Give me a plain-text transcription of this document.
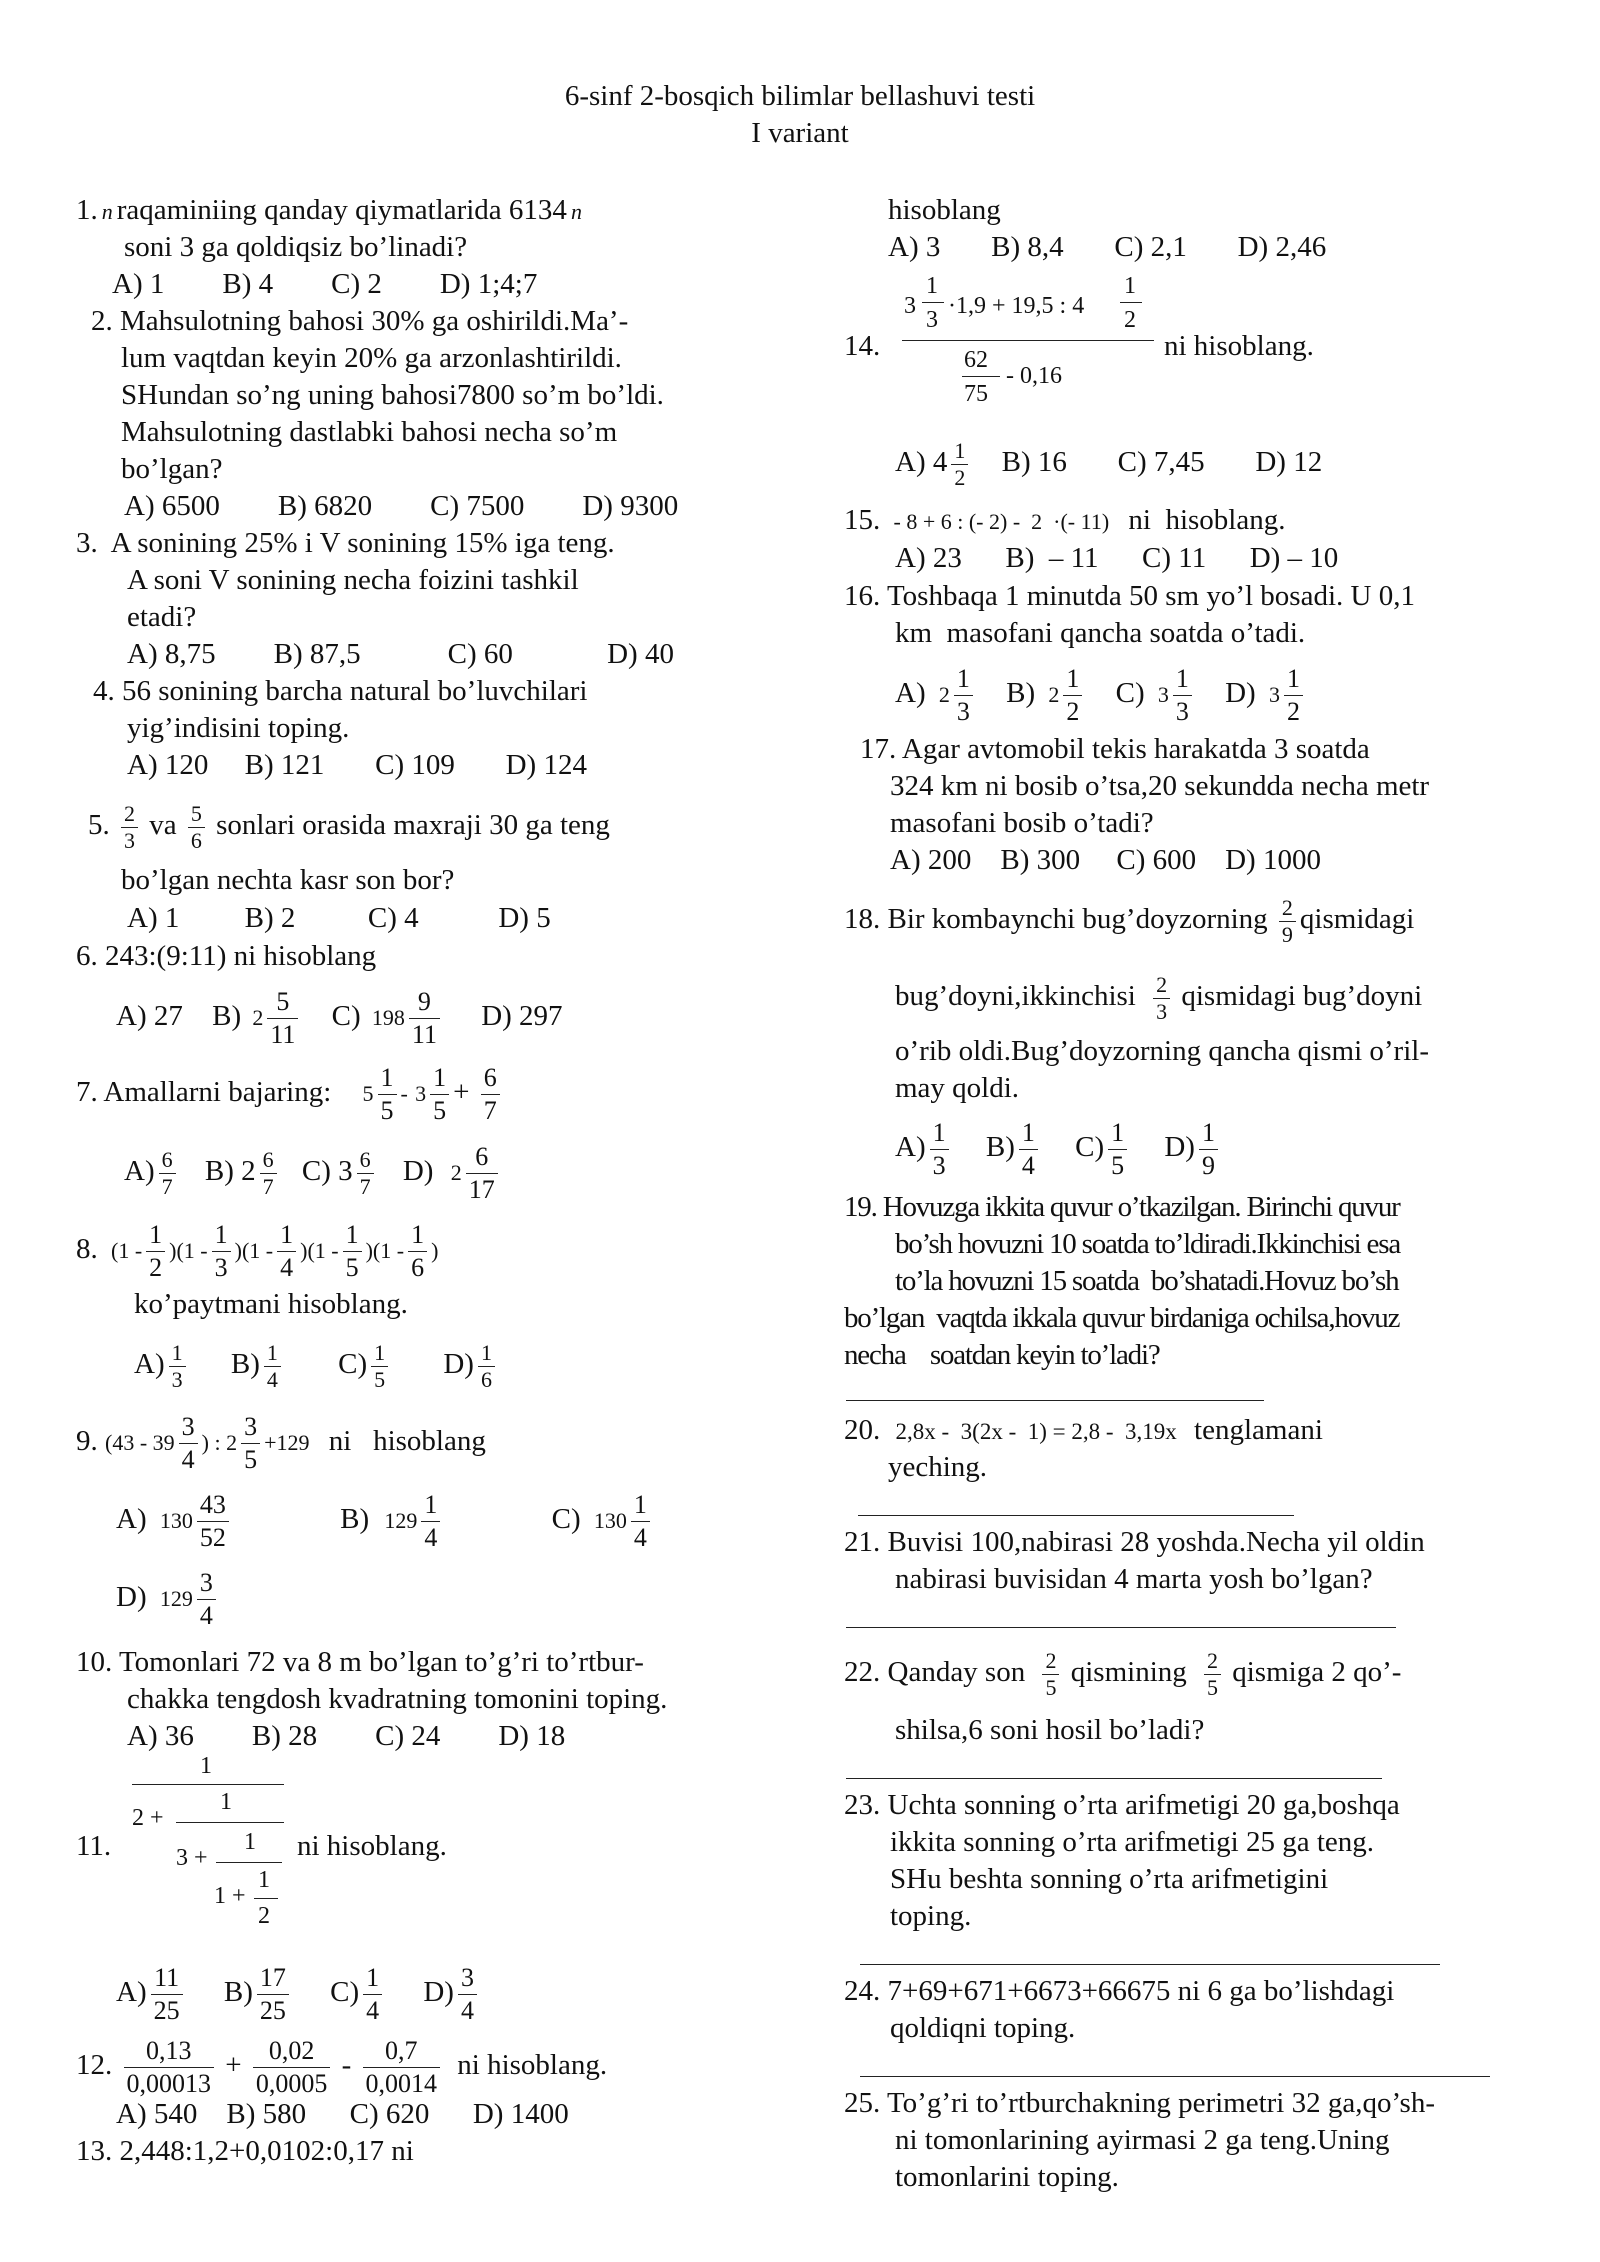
6-sinf 2-bosqich bilimlar bellashuvi testi
I variant
1. n raqaminiing qanday qiymatlarida 6134 n
soni 3 ga qoldiqsiz bo’linadi?
A) 1        B) 4        C) 2        D) 1;4;7
2. Mahsulotning bahosi 30% ga oshirildi.Ma’-
lum vaqtdan keyin 20% ga arzonlashtirildi.
SHundan so’ng uning bahosi7800 so’m bo’ldi.
Mahsulotning dastlabki bahosi necha so’m
bo’lgan?
A) 6500        B) 6820        C) 7500        D) 9300
3.  A sonining 25% i V sonining 15% iga teng.
A soni V sonining necha foizini tashkil
etadi?
A) 8,75        B) 87,5            C) 60             D) 40
4. 56 sonining barcha natural bo’luvchilari
yig’indisini toping.
A) 120     B) 121       C) 109       D) 124
5. $\frac{2}{3}$ va $\frac{5}{6}$ sonlari orasida maxraji 30 ga teng
bo’lgan nechta kasr son bor?
A) 1         B) 2          C) 4           D) 5
6. 243:(9:11) ni hisoblang
A) 27 B) $2 \frac{5}{11} C$) $198 \frac{9}{11} D$) 297
7. Amallarni bajaring: $5 \frac{1}{5} - 3 \frac{1}{5} + \frac{6}{7}$
$A) \frac{6}{7} B$) $2 \frac{6}{7} C$) $3 \frac{6}{7} D$) $2 \frac{6}{17}$
8. $(1 - \frac{1}{2} )(1 - \frac{1}{3} )(1 - \frac{1}{4} )(1 - \frac{1}{5} )(1 - \frac{1}{6}$ )
ko’paytmani hisoblang.
$A) \frac{1}{3} B) \frac{1}{4} C) \frac{1}{5} D) \frac{1}{6}$
9. ($43 - 39 \frac{3}{4}$ ) : $2 \frac{3}{5} +129$ ni   hisoblang
A) $130 \frac{43}{52}$	B) $129 \frac{1}{4}$	C) $130 \frac{1}{4}$
D) $129 \frac{3}{4}$
10. Tomonlari 72 va 8 m bo’lgan to’g’ri to’rtbur-
chakka tengdosh kvadratning tomonini toping.
A) 36        B) 28        C) 24        D) 18
11.
1
2 +
1
3 +
1
1 +
1
2
ni hisoblang.
$A) \frac{11}{25} B) \frac{17}{25} C) \frac{1}{4} D) \frac{3}{4}$
12. $\frac{0,13}{0,00013} + \frac{0,02}{0,0005} - \frac{0,7}{0,0014}$ ni hisoblang.
A) 540    B) 580      C) 620      D) 1400
13. 2,448:1,2+0,0102:0,17 ni
hisoblang
A) 3       B) 8,4       C) 2,1       D) 2,46
14.
3
1
3
·1,9 + 19,5 : 4
1
2
62
75
- 0,16
ni hisoblang.
A) $4 \frac{1}{2} B$) 16       C) 7,45       D) 12
15. - 8 + 6 : (- 2) -  2  ·(- 11) ni  hisoblang.
A) 23      B)  – 11      C) 11      D) – 10
16. Toshbaqa 1 minutda 50 sm yo’l bosadi. U 0,1
km  masofani qancha soatda o’tadi.
A) $2 \frac{1}{3} B$) $2 \frac{1}{2} C$) $3 \frac{1}{3} D$) $3 \frac{1}{2}$
17. Agar avtomobil tekis harakatda 3 soatda
324 km ni bosib o’tsa,20 sekundda necha metr
masofani bosib o’tadi?
A) 200    B) 300     C) 600    D) 1000
18. Bir kombaynchi bug’doyzorning $\frac{2}{9}$ qismidagi
bug’doyni,ikkinchisi $\frac{2}{3}$ qismidagi bug’doyni
o’rib oldi.Bug’doyzorning qancha qismi o’ril-
may qoldi.
$A) \frac{1}{3} B) \frac{1}{4} C) \frac{1}{5} D) \frac{1}{9}$
19. Hovuzga ikkita quvur o’tkazilgan. Birinchi quvur
bo’sh hovuzni 10 soatda to’ldiradi.Ikkinchisi esa
to’la hovuzni 15 soatda  bo’shatadi.Hovuz bo’sh
bo’lgan  vaqtda ikkala quvur birdaniga ochilsa,hovuz
necha    soatdan keyin to’ladi?
20. 2,8x -  3(2x -  1) = 2,8 -  3,19x tenglamani
yeching.
21. Buvisi 100,nabirasi 28 yoshda.Necha yil oldin
nabirasi buvisidan 4 marta yosh bo’lgan?
22. Qanday son $\frac{2}{5}$ qismining $\frac{2}{5}$ qismiga 2 qo’-
shilsa,6 soni hosil bo’ladi?
23. Uchta sonning o’rta arifmetigi 20 ga,boshqa
ikkita sonning o’rta arifmetigi 25 ga teng.
SHu beshta sonning o’rta arifmetigini
toping.
24. 7+69+671+6673+66675 ni 6 ga bo’lishdagi
qoldiqni toping.
25. To’g’ri to’rtburchakning perimetri 32 ga,qo’sh-
ni tomonlarining ayirmasi 2 ga teng.Uning
tomonlarini toping.
